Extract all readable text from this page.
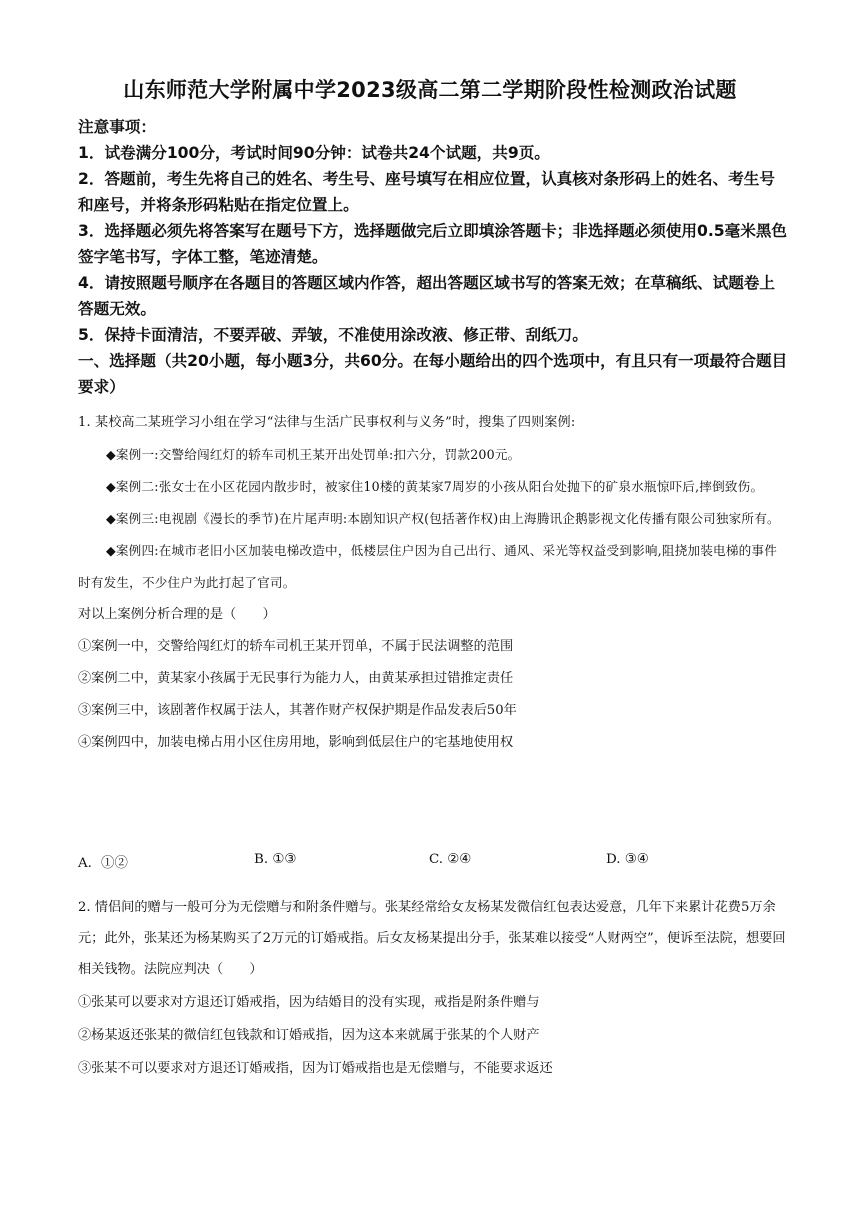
山东师范大学附属中学2023级高二第二学期阶段性检测政治试题

注意事项：

1．试卷满分100分，考试时间90分钟：试卷共24个试题，共9页。

2．答题前，考生先将自己的姓名、考生号、座号填写在相应位置，认真核对条形码上的姓名、考生号和座号，并将条形码粘贴在指定位置上。

3．选择题必须先将答案写在题号下方，选择题做完后立即填涂答题卡；非选择题必须使用0.5毫米黑色签字笔书写，字体工整，笔迹清楚。

4．请按照题号顺序在各题目的答题区域内作答，超出答题区域书写的答案无效；在草稿纸、试题卷上答题无效。

5．保持卡面清洁，不要弄破、弄皱，不准使用涂改液、修正带、刮纸刀。

一、选择题（共20小题，每小题3分，共60分。在每小题给出的四个选项中，有且只有一项最符合题目要求）

1. 某校高二某班学习小组在学习“法律与生活广民事权利与义务”时，搜集了四则案例:

◆案例一:交警给闯红灯的轿车司机王某开出处罚单:扣六分，罚款200元。

◆案例二:张女士在小区花园内散步时，被家住10楼的黄某家7周岁的小孩从阳台处抛下的矿泉水瓶惊吓后,摔倒致伤。

◆案例三:电视剧《漫长的季节)在片尾声明:本剧知识产权(包括著作权)由上海腾讯企鹅影视文化传播有限公司独家所有。

◆案例四:在城市老旧小区加装电梯改造中，低楼层住户因为自己出行、通风、采光等权益受到影响,阻挠加装电梯的事件时有发生，不少住户为此打起了官司。

对以上案例分析合理的是（　　）

①案例一中，交警给闯红灯的轿车司机王某开罚单，不属于民法调整的范围

②案例二中，黄某家小孩属于无民事行为能力人，由黄某承担过错推定责任

③案例三中，该剧著作权属于法人，其著作财产权保护期是作品发表后50年

④案例四中，加装电梯占用小区住房用地，影响到低层住户的宅基地使用权

A．①②	B. ①③	C. ②④	D. ③④

2. 情侣间的赠与一般可分为无偿赠与和附条件赠与。张某经常给女友杨某发微信红包表达爱意，几年下来累计花费5万余元；此外，张某还为杨某购买了2万元的订婚戒指。后女友杨某提出分手，张某难以接受“人财两空”，便诉至法院，想要回相关钱物。法院应判决（　　）

①张某可以要求对方退还订婚戒指，因为结婚目的没有实现，戒指是附条件赠与

②杨某返还张某的微信红包钱款和订婚戒指，因为这本来就属于张某的个人财产

③张某不可以要求对方退还订婚戒指，因为订婚戒指也是无偿赠与，不能要求返还
